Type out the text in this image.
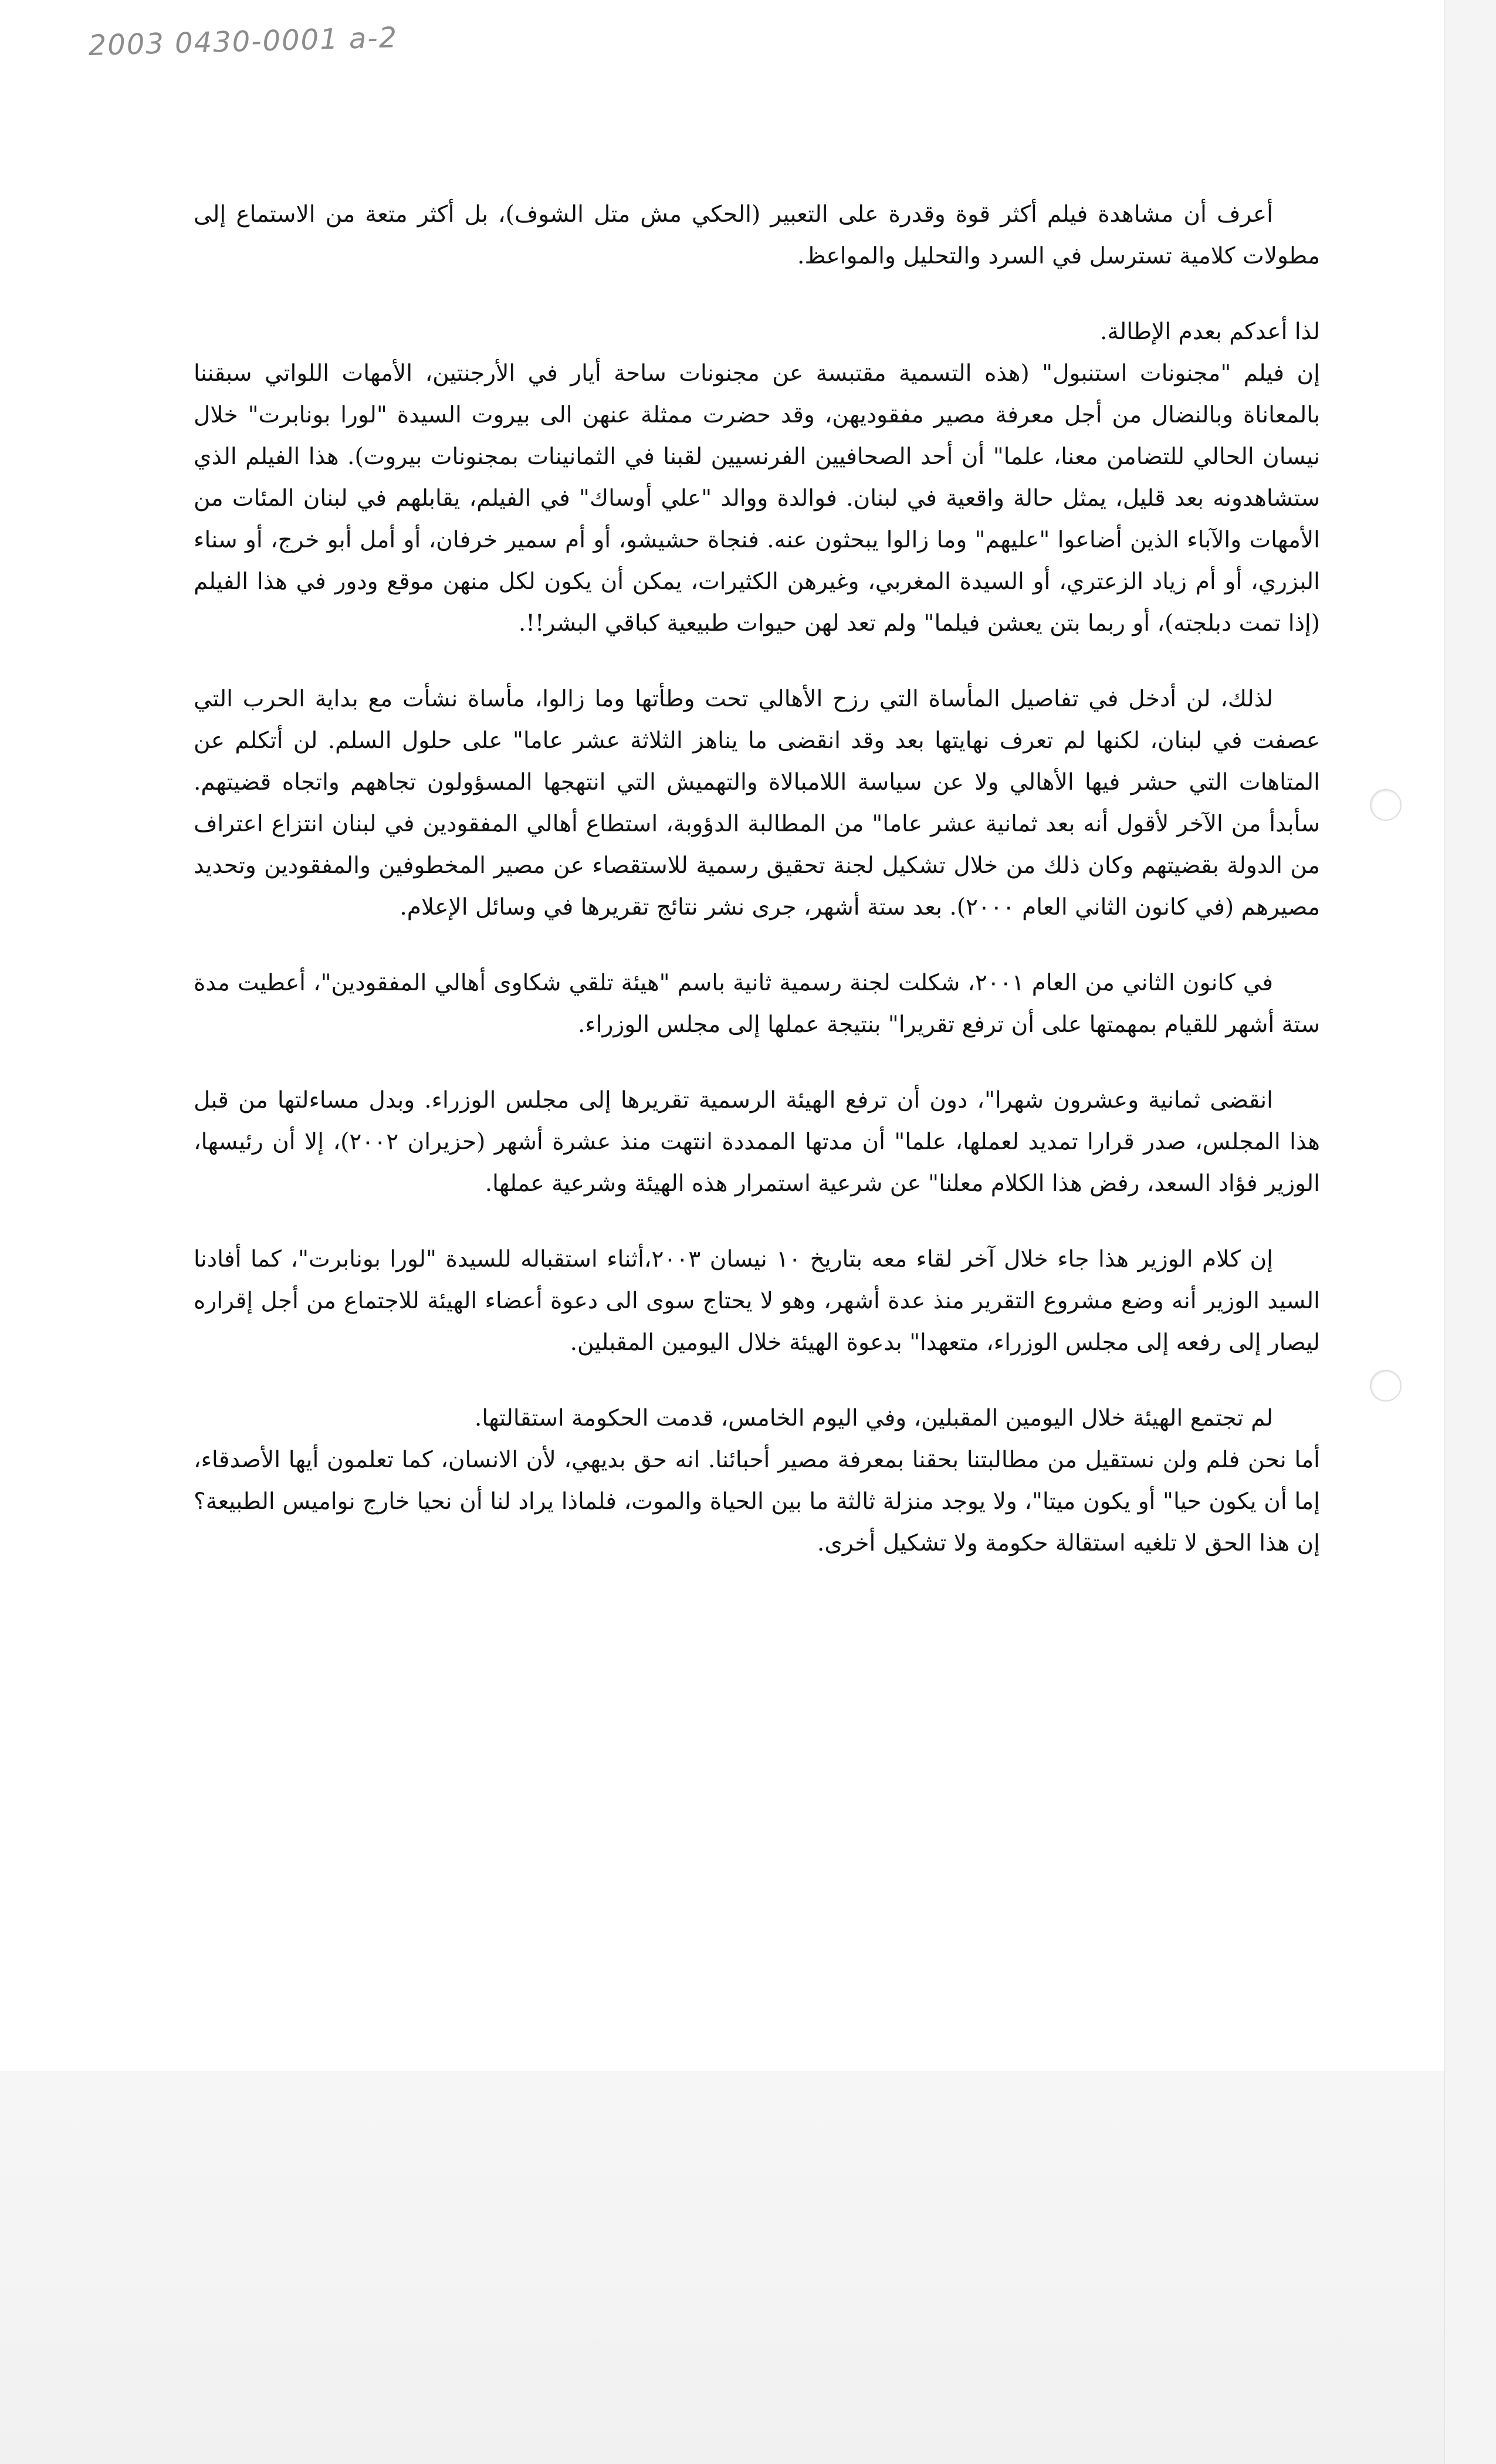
2003 0430-0001 a-2

أعرف أن مشاهدة فيلم أكثر قوة وقدرة على التعبير (الحكي مش متل الشوف)، بل أكثر متعة من الاستماع إلى مطولات كلامية تسترسل في السرد والتحليل والمواعظ.

لذا أعدكم بعدم الإطالة.

إن فيلم "مجنونات استنبول" (هذه التسمية مقتبسة عن مجنونات ساحة أيار في الأرجنتين، الأمهات اللواتي سبقننا بالمعاناة وبالنضال من أجل معرفة مصير مفقوديهن، وقد حضرت ممثلة عنهن الى بيروت السيدة "لورا بونابرت" خلال نيسان الحالي للتضامن معنا، علما" أن أحد الصحافيين الفرنسيين لقبنا في الثمانينات بمجنونات بيروت). هذا الفيلم الذي ستشاهدونه بعد قليل، يمثل حالة واقعية في لبنان. فوالدة ووالد "علي أوساك" في الفيلم، يقابلهم في لبنان المئات من الأمهات والآباء الذين أضاعوا "عليهم" وما زالوا يبحثون عنه. فنجاة حشيشو، أو أم سمير خرفان، أو أمل أبو خرج، أو سناء البزري، أو أم زياد الزعتري، أو السيدة المغربي، وغيرهن الكثيرات، يمكن أن يكون لكل منهن موقع ودور في هذا الفيلم (إذا تمت دبلجته)، أو ربما بتن يعشن فيلما" ولم تعد لهن حيوات طبيعية كباقي البشر!!.

لذلك، لن أدخل في تفاصيل المأساة التي رزح الأهالي تحت وطأتها وما زالوا، مأساة نشأت مع بداية الحرب التي عصفت في لبنان، لكنها لم تعرف نهايتها بعد وقد انقضى ما يناهز الثلاثة عشر عاما" على حلول السلم. لن أتكلم عن المتاهات التي حشر فيها الأهالي ولا عن سياسة اللامبالاة والتهميش التي انتهجها المسؤولون تجاههم واتجاه قضيتهم. سأبدأ من الآخر لأقول أنه بعد ثمانية عشر عاما" من المطالبة الدؤوبة، استطاع أهالي المفقودين في لبنان انتزاع اعتراف من الدولة بقضيتهم وكان ذلك من خلال تشكيل لجنة تحقيق رسمية للاستقصاء عن مصير المخطوفين والمفقودين وتحديد مصيرهم (في كانون الثاني العام ٢٠٠٠). بعد ستة أشهر، جرى نشر نتائج تقريرها في وسائل الإعلام.

في كانون الثاني من العام ٢٠٠١، شكلت لجنة رسمية ثانية باسم "هيئة تلقي شكاوى أهالي المفقودين"، أعطيت مدة ستة أشهر للقيام بمهمتها على أن ترفع تقريرا" بنتيجة عملها إلى مجلس الوزراء.

انقضى ثمانية وعشرون شهرا"، دون أن ترفع الهيئة الرسمية تقريرها إلى مجلس الوزراء. وبدل مساءلتها من قبل هذا المجلس، صدر قرارا تمديد لعملها، علما" أن مدتها الممددة انتهت منذ عشرة أشهر (حزيران ٢٠٠٢)، إلا أن رئيسها، الوزير فؤاد السعد، رفض هذا الكلام معلنا" عن شرعية استمرار هذه الهيئة وشرعية عملها.

إن كلام الوزير هذا جاء خلال آخر لقاء معه بتاريخ ١٠ نيسان ٢٠٠٣،أثناء استقباله للسيدة "لورا بونابرت"، كما أفادنا السيد الوزير أنه وضع مشروع التقرير منذ عدة أشهر، وهو لا يحتاج سوى الى دعوة أعضاء الهيئة للاجتماع من أجل إقراره ليصار إلى رفعه إلى مجلس الوزراء، متعهدا" بدعوة الهيئة خلال اليومين المقبلين.

لم تجتمع الهيئة خلال اليومين المقبلين، وفي اليوم الخامس، قدمت الحكومة استقالتها.

أما نحن فلم ولن نستقيل من مطالبتنا بحقنا بمعرفة مصير أحبائنا. انه حق بديهي، لأن الانسان، كما تعلمون أيها الأصدقاء، إما أن يكون حيا" أو يكون ميتا"، ولا يوجد منزلة ثالثة ما بين الحياة والموت، فلماذا يراد لنا أن نحيا خارج نواميس الطبيعة؟ إن هذا الحق لا تلغيه استقالة حكومة ولا تشكيل أخرى.
